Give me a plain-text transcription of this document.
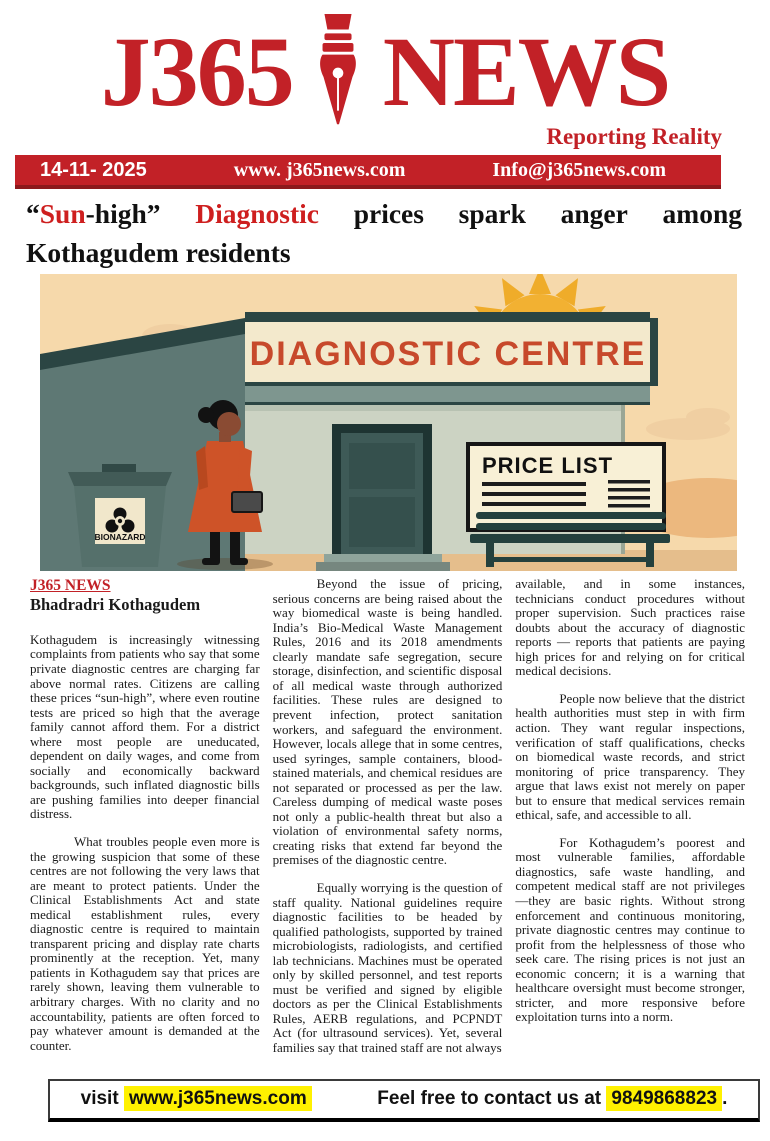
J365 NEWS
Reporting Reality
14-11- 2025	www. j365news.com	Info@j365news.com
“Sun-high” Diagnostic prices spark anger among
Kothagudem residents
DIAGNOSTIC CENTRE
PRICE LIST
BIONAZARD
J365 NEWS
Bhadradri Kothagudem

Kothagudem is increasingly witnessing complaints from patients who say that some private diagnostic centres are charging far above normal rates. Citizens are calling these prices “sun-high”, where even routine tests are priced so high that the average family cannot afford them. For a district where most people are uneducated, dependent on daily wages, and come from socially and economically backward backgrounds, such inflated diagnostic bills are pushing families into deeper financial distress.

What troubles people even more is the growing suspicion that some of these centres are not following the very laws that are meant to protect patients. Under the Clinical Establishments Act and state medical establishment rules, every diagnostic centre is required to maintain transparent pricing and display rate charts prominently at the reception. Yet, many patients in Kothagudem say that prices are rarely shown, leaving them vulnerable to arbitrary charges. With no clarity and no accountability, patients are often forced to pay whatever amount is demanded at the counter.

Beyond the issue of pricing, serious concerns are being raised about the way biomedical waste is being handled. India’s Bio-Medical Waste Management Rules, 2016 and its 2018 amendments clearly mandate safe segregation, secure storage, disinfection, and scientific disposal of all medical waste through authorized facilities. These rules are designed to prevent infection, protect sanitation workers, and safeguard the environment. However, locals allege that in some centres, used syringes, sample containers, blood-stained materials, and chemical residues are not separated or processed as per the law. Careless dumping of medical waste poses not only a public-health threat but also a violation of environmental safety norms, creating risks that extend far beyond the premises of the diagnostic centre.

Equally worrying is the question of staff quality. National guidelines require diagnostic facilities to be headed by qualified pathologists, supported by trained microbiologists, radiologists, and certified lab technicians. Machines must be operated only by skilled personnel, and test reports must be verified and signed by eligible doctors as per the Clinical Establishments Rules, AERB regulations, and PCPNDT Act (for ultrasound services). Yet, several families say that trained staff are not always

available, and in some instances, technicians conduct procedures without proper supervision. Such practices raise doubts about the accuracy of diagnostic reports — reports that patients are paying high prices for and relying on for critical medical decisions.

People now believe that the district health authorities must step in with firm action. They want regular inspections, verification of staff qualifications, checks on biomedical waste records, and strict monitoring of price transparency. They argue that laws exist not merely on paper but to ensure that medical services remain ethical, safe, and accessible to all.

For Kothagudem’s poorest and most vulnerable families, affordable diagnostics, safe waste handling, and competent medical staff are not privileges—they are basic rights. Without strong enforcement and continuous monitoring, private diagnostic centres may continue to profit from the helplessness of those who seek care. The rising prices is not just an economic concern; it is a warning that healthcare oversight must become stronger, stricter, and more responsive before exploitation turns into a norm.

visit www.j365news.com	Feel free to contact us at 9849868823 .
